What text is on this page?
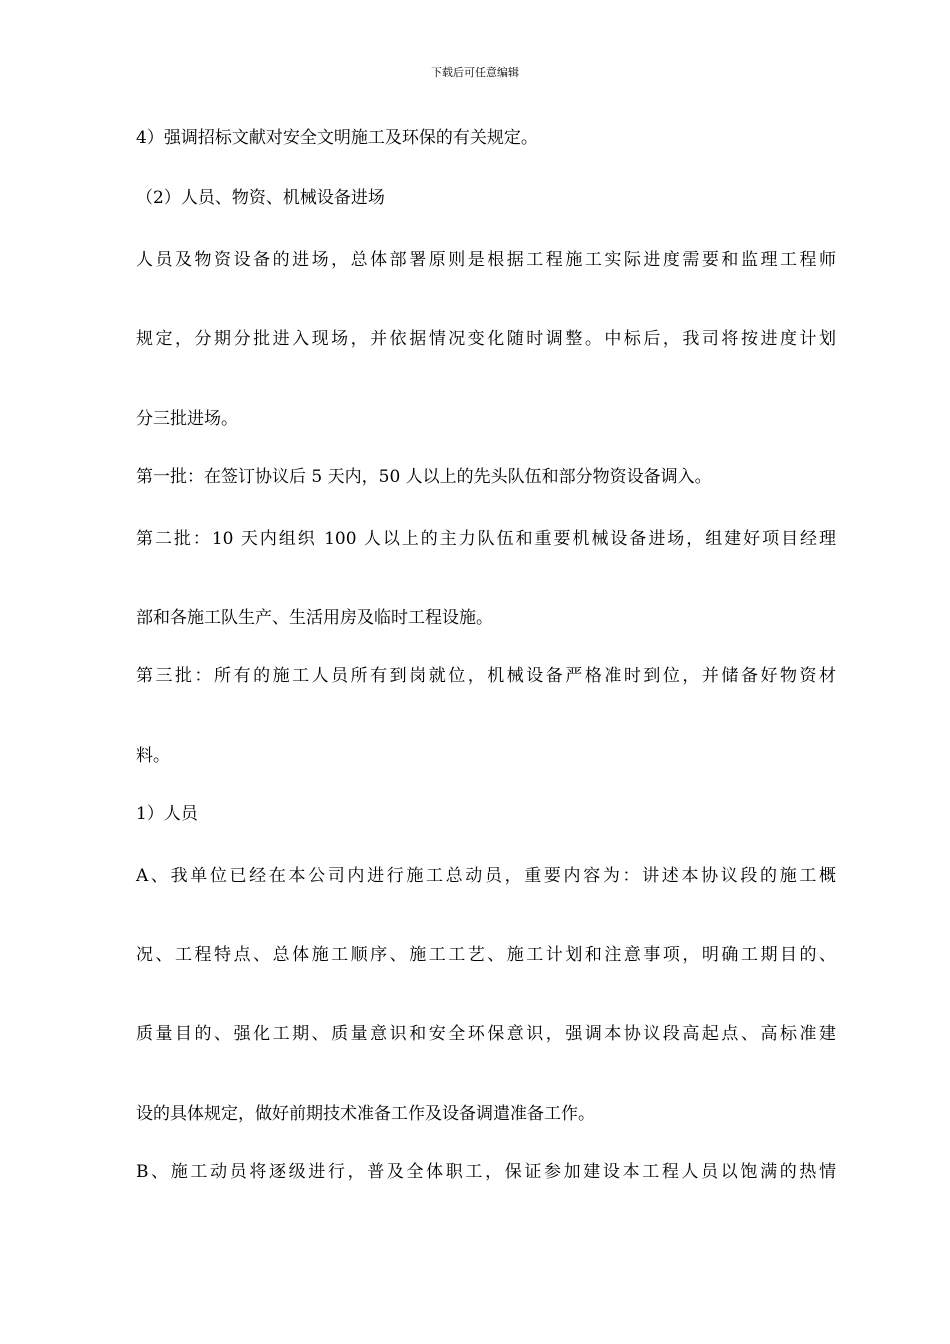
下载后可任意编辑
4）强调招标文献对安全文明施工及环保的有关规定。
（2）人员、物资、机械设备进场
人员及物资设备的进场，总体部署原则是根据工程施工实际进度需要和监理工程师
规定，分期分批进入现场，并依据情况变化随时调整。中标后，我司将按进度计划
分三批进场。
第一批：在签订协议后 5 天内，50 人以上的先头队伍和部分物资设备调入。
第二批：10 天内组织 100 人以上的主力队伍和重要机械设备进场，组建好项目经理
部和各施工队生产、生活用房及临时工程设施。
第三批：所有的施工人员所有到岗就位，机械设备严格准时到位，并储备好物资材
料。
1）人员
A、我单位已经在本公司内进行施工总动员，重要内容为：讲述本协议段的施工概
况、工程特点、总体施工顺序、施工工艺、施工计划和注意事项，明确工期目的、
质量目的、强化工期、质量意识和安全环保意识，强调本协议段高起点、高标准建
设的具体规定，做好前期技术准备工作及设备调遣准备工作。
B、施工动员将逐级进行，普及全体职工，保证参加建设本工程人员以饱满的热情
